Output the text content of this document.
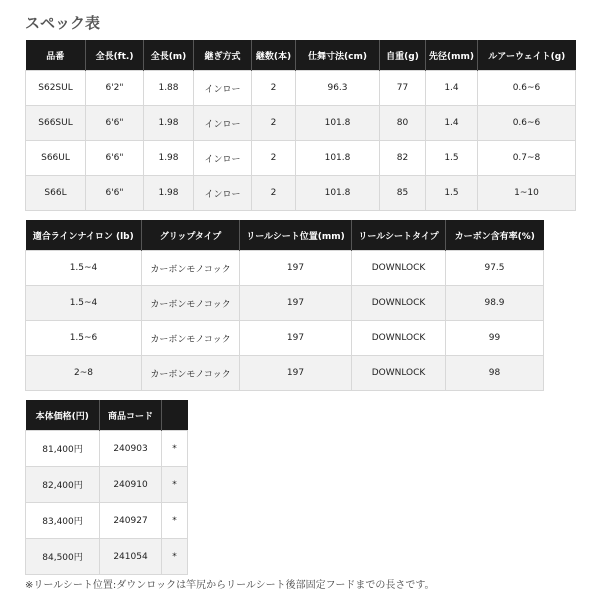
スペック表
品番	全長(ft.)	全長(m)	継ぎ方式	継数(本)	仕舞寸法(cm)	自重(g)	先径(mm)	ルアーウェイト(g)
S62SUL	6'2"	1.88	インロー	2	96.3	77	1.4	0.6~6
S66SUL	6'6"	1.98	インロー	2	101.8	80	1.4	0.6~6
S66UL	6'6"	1.98	インロー	2	101.8	82	1.5	0.7~8
S66L	6'6"	1.98	インロー	2	101.8	85	1.5	1~10
適合ラインナイロン (lb)	グリップタイプ	リールシート位置(mm)	リールシートタイプ	カーボン含有率(%)
1.5~4	カーボンモノコック	197	DOWNLOCK	97.5
1.5~4	カーボンモノコック	197	DOWNLOCK	98.9
1.5~6	カーボンモノコック	197	DOWNLOCK	99
2~8	カーボンモノコック	197	DOWNLOCK	98
本体価格(円)	商品コード	
81,400円	240903	*
82,400円	240910	*
83,400円	240927	*
84,500円	241054	*
※リールシート位置:ダウンロックは竿尻からリールシート後部固定フードまでの長さです。
